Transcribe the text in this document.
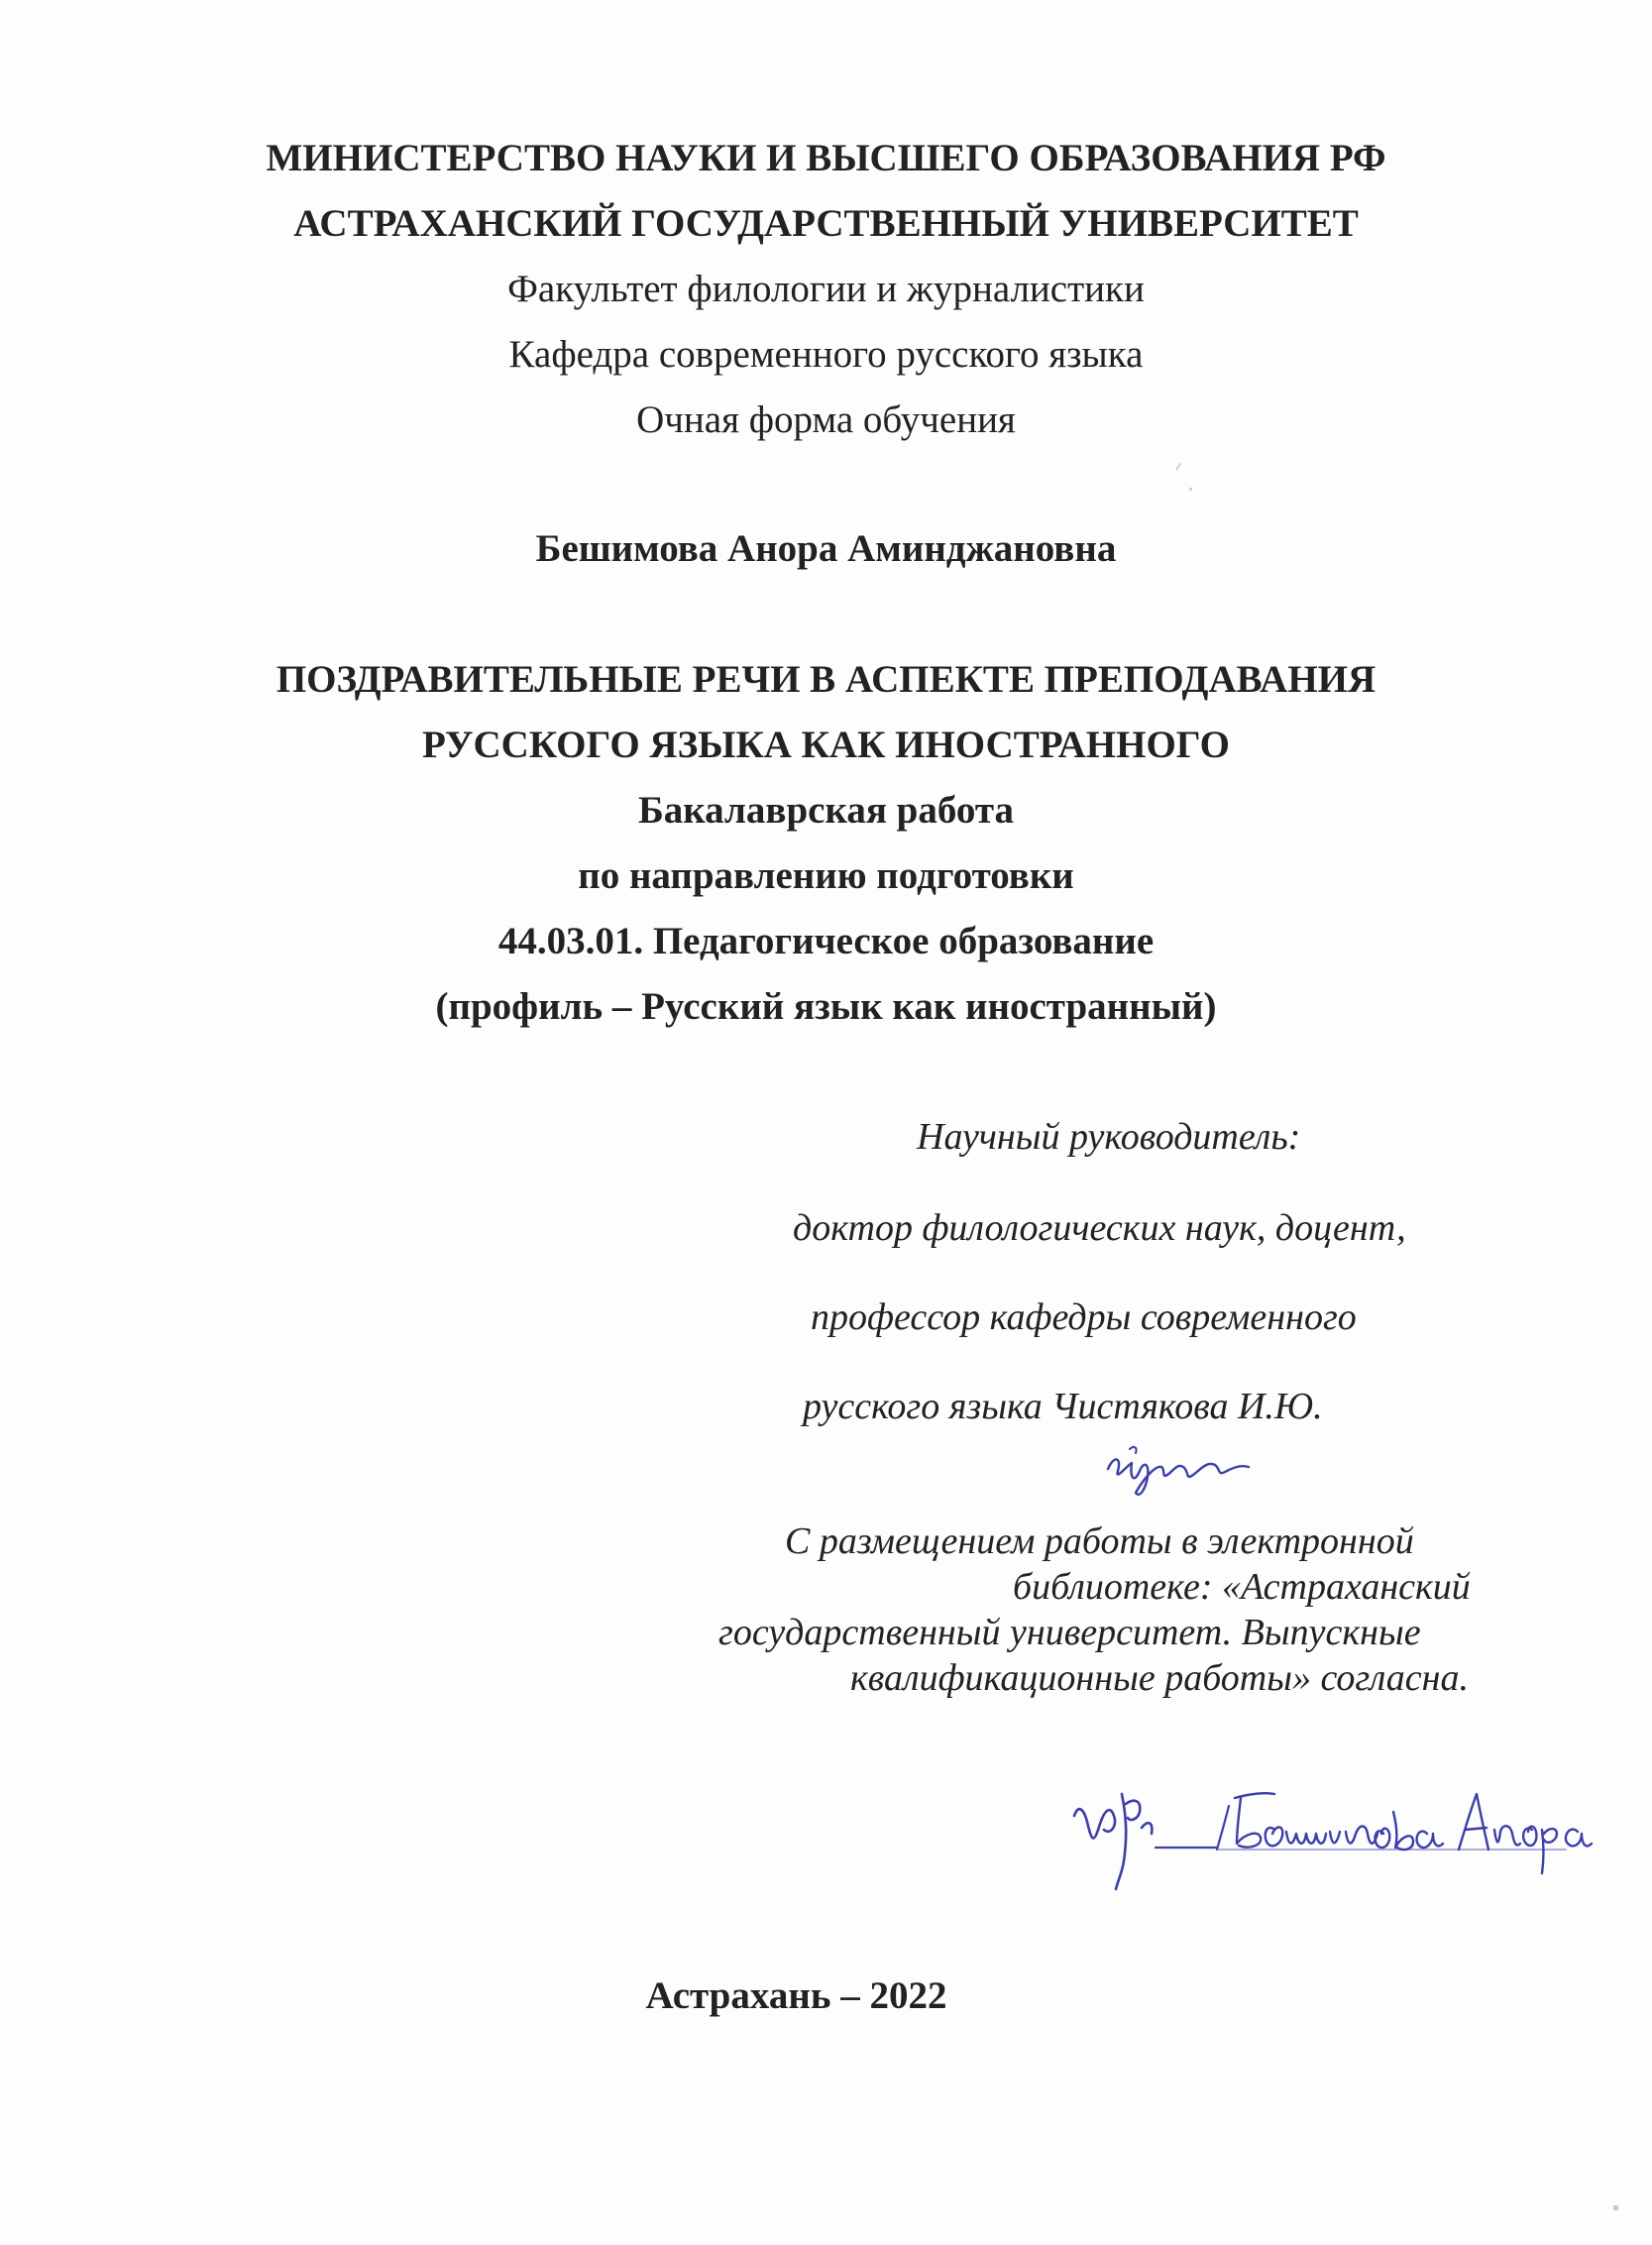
МИНИСТЕРСТВО НАУКИ И ВЫСШЕГО ОБРАЗОВАНИЯ РФ
АСТРАХАНСКИЙ ГОСУДАРСТВЕННЫЙ УНИВЕРСИТЕТ
Факультет филологии и журналистики
Кафедра современного русского языка
Очная форма обучения
Бешимова Анора Аминджановна
ПОЗДРАВИТЕЛЬНЫЕ РЕЧИ В АСПЕКТЕ ПРЕПОДАВАНИЯ
РУССКОГО ЯЗЫКА КАК ИНОСТРАННОГО
Бакалаврская работа
по направлению подготовки
44.03.01. Педагогическое образование
(профиль – Русский язык как иностранный)
Научный руководитель:
доктор филологических наук, доцент,
профессор кафедры современного
русского языка Чистякова И.Ю.
С размещением работы в электронной
библиотеке: «Астраханский
государственный университет. Выпускные
квалификационные работы» согласна.
Астрахань – 2022
